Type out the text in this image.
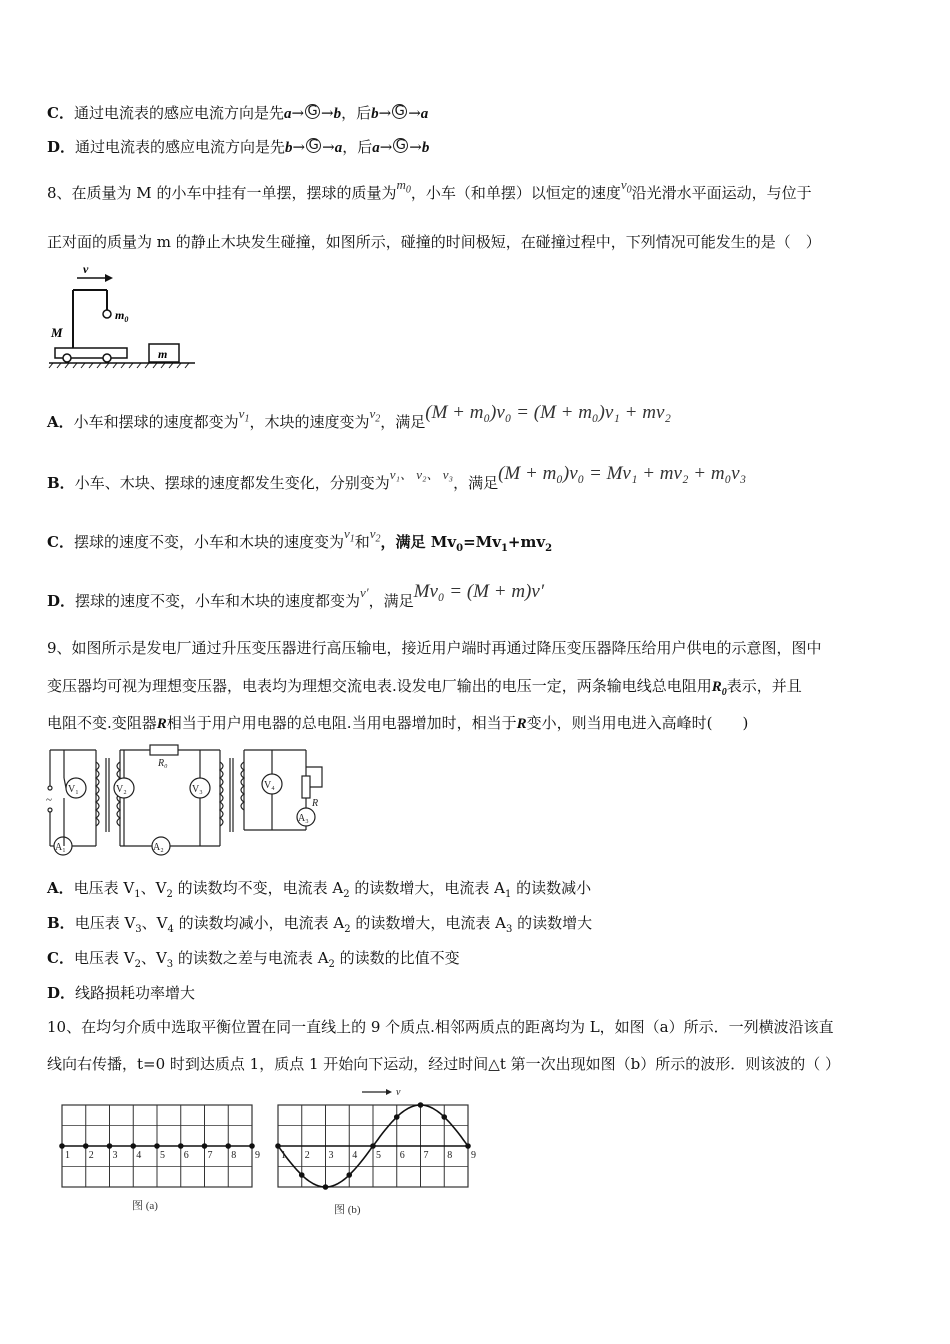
C．通过电流表的感应电流方向是先a→ G →b，后b→ G →a
D．通过电流表的感应电流方向是先b→ G →a，后a→ G →b
8、在质量为 M 的小车中挂有一单摆，摆球的质量为$m_0$，小车（和单摆）以恒定的速度$v_0$沿光滑水平面运动，与位于
正对面的质量为 m 的静止木块发生碰撞，如图所示，碰撞的时间极短，在碰撞过程中，下列情况可能发生的是（　）
v
$m_0$
M
m
A．小车和摆球的速度都变为$v_1$，木块的速度变为$v_2$，满足(M + m₀)v₀ = (M + m₀)v₁ + mv₂
B．小车、木块、摆球的速度都发生变化，分别变为v₁、 v₂、 v₃，满足(M + m₀)v₀ = Mv₁ + mv₂ + m₀v₃
C．摆球的速度不变，小车和木块的速度变为$v_1$和$v_2$，满足 $Mv_0=Mv_1+mv_2$
D．摆球的速度不变，小车和木块的速度都变为v′，满足Mv₀ = (M + m)v′
9、如图所示是发电厂通过升压变压器进行高压输电，接近用户端时再通过降压变压器降压给用户供电的示意图，图中
变压器均可视为理想变压器，电表均为理想交流电表.设发电厂输出的电压一定，两条输电线总电阻用$R_0$表示，并且
电阻不变.变阻器R相当于用户用电器的总电阻.当用电器增加时，相当于R变小，则当用电进入高峰时(　　)
~
V₁
A₁
R₀
A₂
V₂	V₃	V₄
R
A₃
A．电压表 $V_1$、$V_2$ 的读数均不变，电流表 $A_2$ 的读数增大，电流表 $A_1$ 的读数减小
B．电压表 $V_3$、$V_4$ 的读数均减小，电流表 $A_2$ 的读数增大，电流表 $A_3$ 的读数增大
C．电压表 $V_2$、$V_3$ 的读数之差与电流表 $A_2$ 的读数的比值不变
D．线路损耗功率增大
10、在均匀介质中选取平衡位置在同一直线上的 9 个质点.相邻两质点的距离均为 L，如图（a）所示．一列横波沿该直
线向右传播，t=0 时到达质点 1，质点 1 开始向下运动，经过时间△t 第一次出现如图（b）所示的波形．则该波的（ ）
1 2 3 4 5 6 7 8 9 1 2 3 4 5 6 7 8 9
v
图 (a)	图 (b)
